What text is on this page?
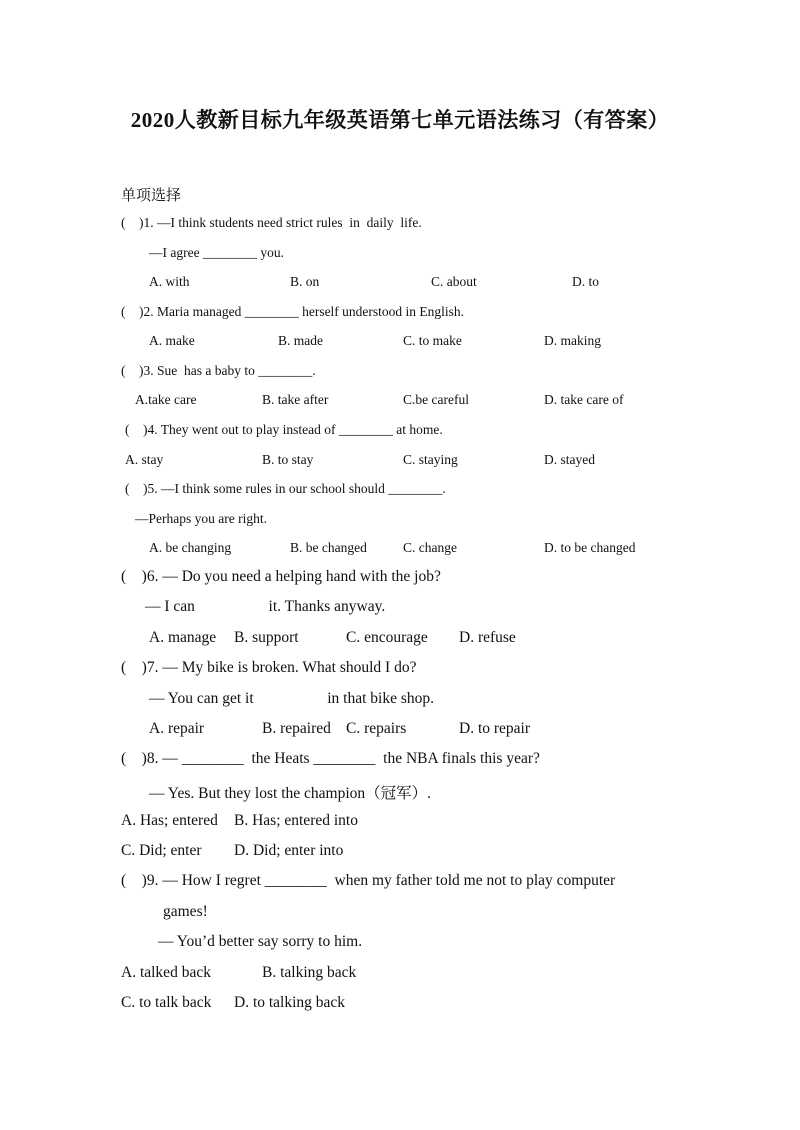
2020人教新目标九年级英语第七单元语法练习（有答案）
单项选择
(    )1. —I think students need strict rules  in  daily  life.
—I agree ________ you.
A. with	B. on	C. about	D. to
(    )2. Maria managed ________ herself understood in English.
A. make	B. made	C. to make	D. making
(    )3. Sue  has a baby to ________.
A.take care	B. take after	C.be careful	D. take care of
(    )4. They went out to play instead of ________ at home.
A. stay	B. to stay	C. staying	D. stayed
(    )5. —I think some rules in our school should ________.
—Perhaps you are right.
A. be changing	B. be changed	C. change	D. to be changed
(    )6. — Do you need a helping hand with the job?
— I can                   it. Thanks anyway.
A. manage B. support	C. encourage D. refuse
(    )7. — My bike is broken. What should I do?
— You can get it                   in that bike shop.
A. repair	B. repaired C. repairs	D. to repair
(    )8. — ________  the Heats ________  the NBA finals this year?
— Yes. But they lost the champion（冠军）.
A. Has; entered B. Has; entered into
C. Did; enter D. Did; enter into
(    )9. — How I regret ________  when my father told me not to play computer
games!
— You’d better say sorry to him.
A. talked back	B. talking back
C. to talk back D. to talking back
